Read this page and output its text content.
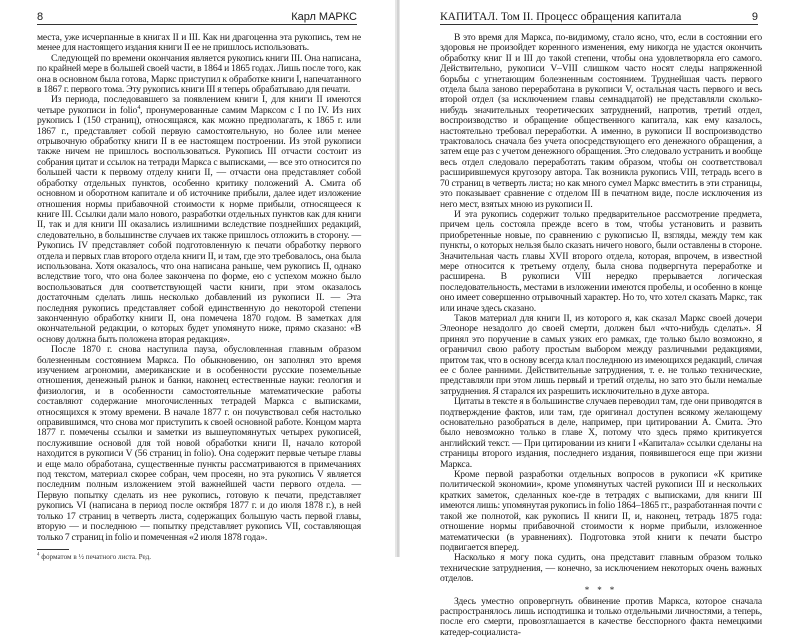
8	Карл МАРКС

места, уже исчерпанные в книгах II и III. Как ни драгоценна эта рукопись, тем не менее для настоящего издания книги II ее не пришлось использовать.

Следующей по времени окончания является рукопись книги III. Она написана, по крайней мере в большей своей части, в 1864 и 1865 годах. Лишь после того, как она в основном была готова, Маркс приступил к обработке книги I, напечатанного в 1867 г. первого тома. Эту рукопись книги III я теперь обрабатываю для печати.

Из периода, последовавшего за появлением книги I, для книги II имеются четыре рукописи in folio$^4$, пронумерованные самим Марксом с I по IV. Из них рукопись I (150 страниц), относящаяся, как можно предполагать, к 1865 г. или 1867 г., представляет собой первую самостоятельную, но более или менее отрывочную обработку книги II в ее настоящем построении. Из этой рукописи также ничем не пришлось воспользоваться. Рукопись III отчасти состоит из собрания цитат и ссылок на тетради Маркса с выписками, — все это относится по большей части к первому отделу книги II, — отчасти она представляет собой обработку отдельных пунктов, особенно критику положений А. Смита об основном и оборотном капитале и об источнике прибыли, далее идет изложение отношения нормы прибавочной стоимости к норме прибыли, относящееся к книге III. Ссылки дали мало нового, разработки отдельных пунктов как для книги II, так и для книги III оказались излишними вследствие позднейших редакций, следовательно, в большинстве случаев их также пришлось отложить в сторону. — Рукопись IV представляет собой подготовленную к печати обработку первого отдела и первых глав второго отдела книги II, и там, где это требовалось, она была использована. Хотя оказалось, что она написана раньше, чем рукопись II, однако вследствие того, что она более закончена по форме, ею с успехом можно было воспользоваться для соответствующей части книги, при этом оказалось достаточным сделать лишь несколько добавлений из рукописи II. — Эта последняя рукопись представляет собой единственную до некоторой степени законченную обработку книги II, она помечена 1870 годом. В заметках для окончательной редакции, о которых будет упомянуто ниже, прямо сказано: «В основу должна быть положена вторая редакция».

После 1870 г. снова наступила пауза, обусловленная главным образом болезненным состоянием Маркса. По обыкновению, он заполнял это время изучением агрономии, американские и в особенности русские поземельные отношения, денежный рынок и банки, наконец естественные науки: геология и физиология, и в особенности самостоятельные математические работы составляют содержание многочисленных тетрадей Маркса с выписками, относящихся к этому времени. В начале 1877 г. он почувствовал себя настолько оправившимся, что снова мог приступить к своей основной работе. Концом марта 1877 г. помечены ссылки и заметки из вышеупомянутых четырех рукописей, послужившие основой для той новой обработки книги II, начало которой находится в рукописи V (56 страниц in folio). Она содержит первые четыре главы и еще мало обработана, существенные пункты рассматриваются в примечаниях под текстом, материал скорее собран, чем просеян, но эта рукопись V является последним полным изложением этой важнейшей части первого отдела. — Первую попытку сделать из нее рукопись, готовую к печати, представляет рукопись VI (написана в период после октября 1877 г. и до июля 1878 г.), в ней только 17 страниц в четверть листа, содержащих большую часть первой главы, вторую — и последнюю — попытку представляет рукопись VII, составляющая только 7 страниц in folio и помеченная «2 июля 1878 года».

$^4$ форматом в ½ печатного листа. Ред.
КАПИТАЛ. Том II. Процесс обращения капитала	9

В это время для Маркса, по-видимому, стало ясно, что, если в состоянии его здоровья не произойдет коренного изменения, ему никогда не удастся окончить обработку книг II и III до такой степени, чтобы она удовлетворяла его самого. Действительно, рукописи V–VIII слишком часто носят следы напряженной борьбы с угнетающим болезненным состоянием. Труднейшая часть первого отдела была заново переработана в рукописи V, остальная часть первого и весь второй отдел (за исключением главы семнадцатой) не представляли сколько-нибудь значительных теоретических затруднений, напротив, третий отдел, воспроизводство и обращение общественного капитала, как ему казалось, настоятельно требовал переработки. А именно, в рукописи II воспроизводство трактовалось сначала без учета опосредствующего его денежного обращения, а затем еще раз с учетом денежного обращения. Это следовало устранить и вообще весь отдел следовало переработать таким образом, чтобы он соответствовал расширившемуся кругозору автора. Так возникла рукопись VIII, тетрадь всего в 70 страниц в четверть листа; но как много сумел Маркс вместить в эти страницы, это показывает сравнение с отделом III в печатном виде, после исключения из него мест, взятых мною из рукописи II.

И эта рукопись содержит только предварительное рассмотрение предмета, причем цель состояла прежде всего в том, чтобы установить и развить приобретенные новые, по сравнению с рукописью II, взгляды, между тем как пункты, о которых нельзя было сказать ничего нового, были оставлены в стороне. Значительная часть главы XVII второго отдела, которая, впрочем, в известной мере относится к третьему отделу, была снова подвергнута переработке и расширена. В рукописи VIII нередко прерывается логическая последовательность, местами в изложении имеются пробелы, и особенно в конце оно имеет совершенно отрывочный характер. Но то, что хотел сказать Маркс, так или иначе здесь сказано.

Таков материал для книги II, из которого я, как сказал Маркс своей дочери Элеоноре незадолго до своей смерти, должен был «что-нибудь сделать». Я принял это поручение в самых узких его рамках, где только было возможно, я ограничил свою работу простым выбором между различными редакциями, притом так, что в основу всегда клал последнюю из имеющихся редакций, сличая ее с более ранними. Действительные затруднения, т. е. не только технические, представляли при этом лишь первый и третий отделы, но зато это были немалые затруднения. Я старался их разрешить исключительно в духе автора.

Цитаты в тексте я в большинстве случаев переводил там, где они приводятся в подтверждение фактов, или там, где оригинал доступен всякому желающему основательно разобраться в деле, например, при цитировании А. Смита. Это было невозможно только в главе X, потому что здесь прямо критикуется английский текст. — При цитировании из книги I «Капитала» ссылки сделаны на страницы второго издания, последнего издания, появившегося еще при жизни Маркса.

Кроме первой разработки отдельных вопросов в рукописи «К критике политической экономии», кроме упомянутых частей рукописи III и нескольких кратких заметок, сделанных кое-где в тетрадях с выписками, для книги III имеются лишь: упомянутая рукопись in folio 1864–1865 гг., разработанная почти с такой же полнотой, как рукопись II книги II, и, наконец, тетрадь 1875 года: отношение нормы прибавочной стоимости к норме прибыли, изложенное математически (в уравнениях). Подготовка этой книги к печати быстро подвигается вперед.

Насколько я могу пока судить, она представит главным образом только технические затруднения, — конечно, за исключением некоторых очень важных отделов.

* * *

Здесь уместно опровергнуть обвинение против Маркса, которое сначала распространялось лишь исподтишка и только отдельными личностями, а теперь, после его смерти, провозглашается в качестве бесспорного факта немецкими катедер-социалиста-
